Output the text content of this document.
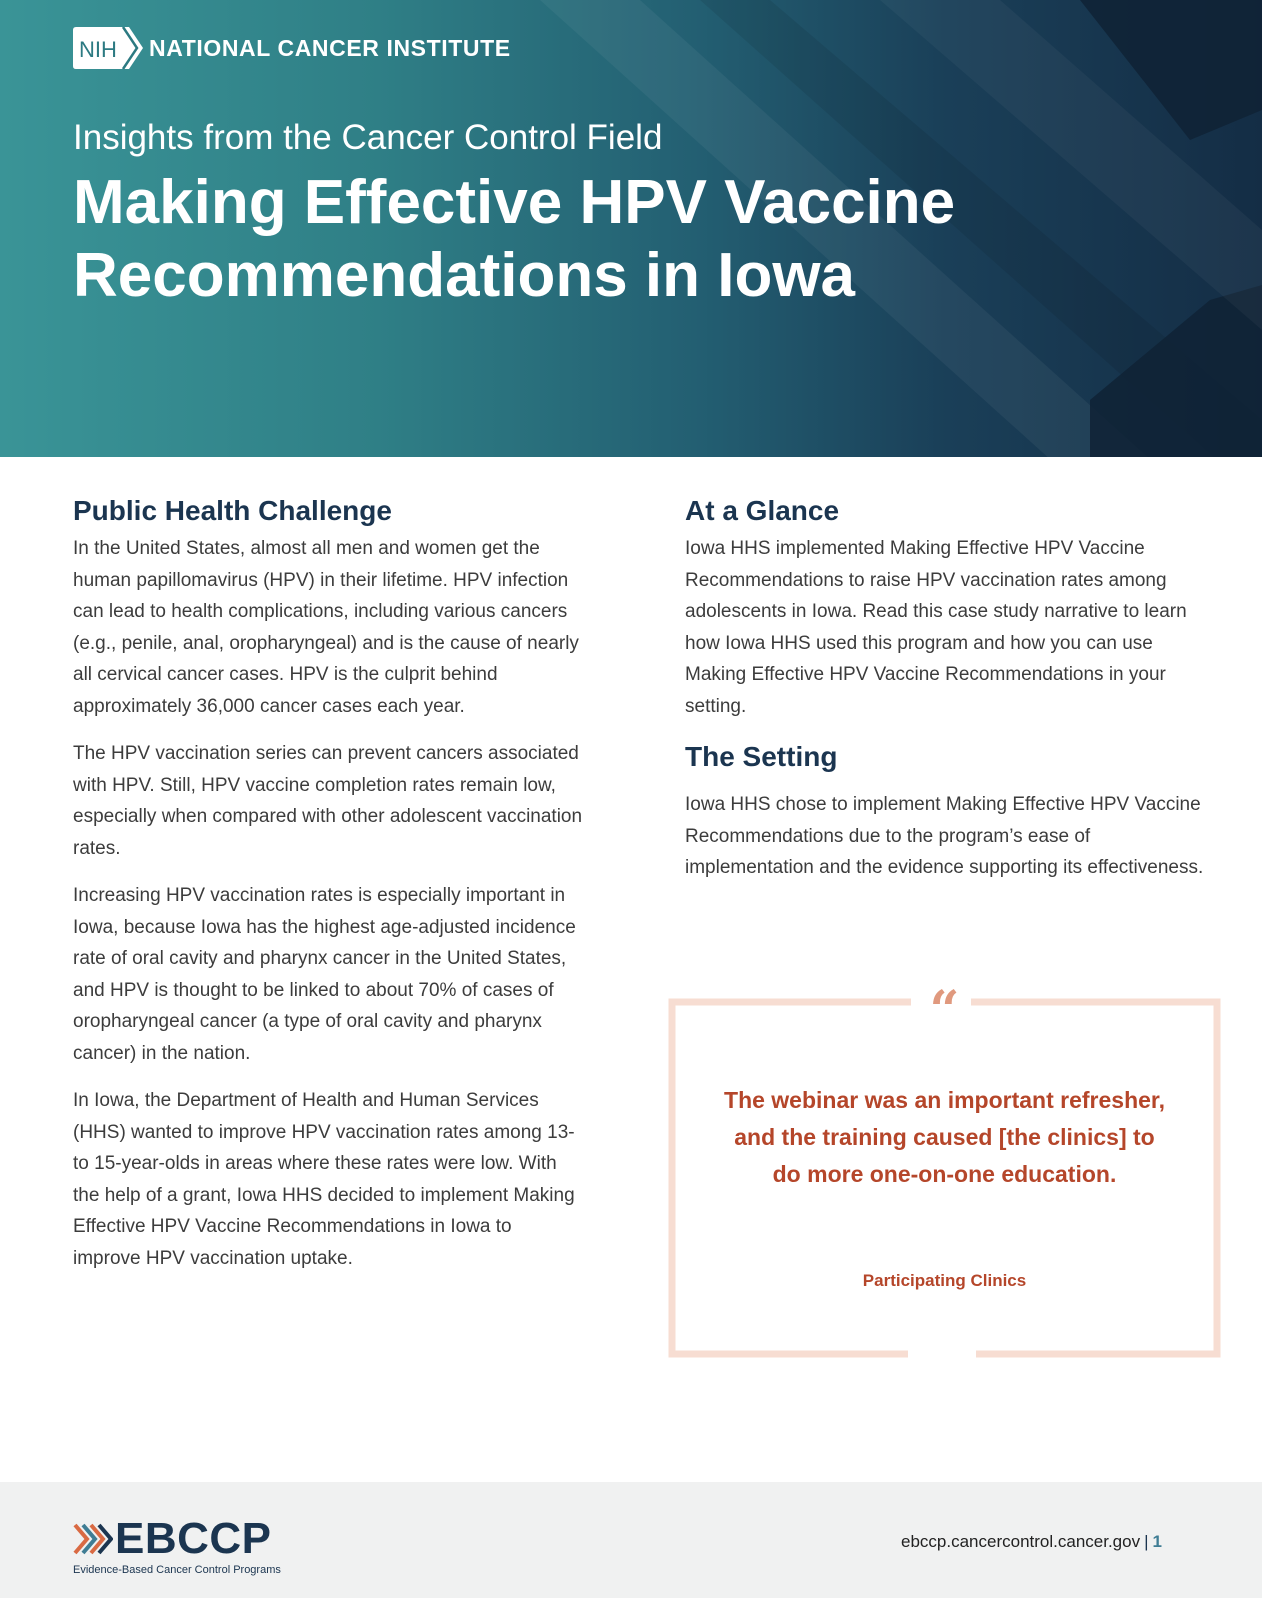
NIH NATIONAL CANCER INSTITUTE
Insights from the Cancer Control Field
Making Effective HPV Vaccine Recommendations in Iowa
Public Health Challenge

In the United States, almost all men and women get the human papillomavirus (HPV) in their lifetime. HPV infection can lead to health complications, including various cancers (e.g., penile, anal, oropharyngeal) and is the cause of nearly all cervical cancer cases. HPV is the culprit behind approximately 36,000 cancer cases each year.

The HPV vaccination series can prevent cancers associated with HPV. Still, HPV vaccine completion rates remain low, especially when compared with other adolescent vaccination rates.

Increasing HPV vaccination rates is especially important in Iowa, because Iowa has the highest age-adjusted incidence rate of oral cavity and pharynx cancer in the United States, and HPV is thought to be linked to about 70% of cases of oropharyngeal cancer (a type of oral cavity and pharynx cancer) in the nation.

In Iowa, the Department of Health and Human Services (HHS) wanted to improve HPV vaccination rates among 13- to 15-year-olds in areas where these rates were low. With the help of a grant, Iowa HHS decided to implement Making Effective HPV Vaccine Recommendations in Iowa to improve HPV vaccination uptake.

At a Glance

Iowa HHS implemented Making Effective HPV Vaccine Recommendations to raise HPV vaccination rates among adolescents in Iowa. Read this case study narrative to learn how Iowa HHS used this program and how you can use Making Effective HPV Vaccine Recommendations in your setting.

The Setting

Iowa HHS chose to implement Making Effective HPV Vaccine Recommendations due to the program’s ease of implementation and the evidence supporting its effectiveness.

“
The webinar was an important refresher, and the training caused [the clinics] to do more one-on-one education.
Participating Clinics
EBCCP
Evidence-Based Cancer Control Programs
ebccp.cancercontrol.cancer.gov | 1
